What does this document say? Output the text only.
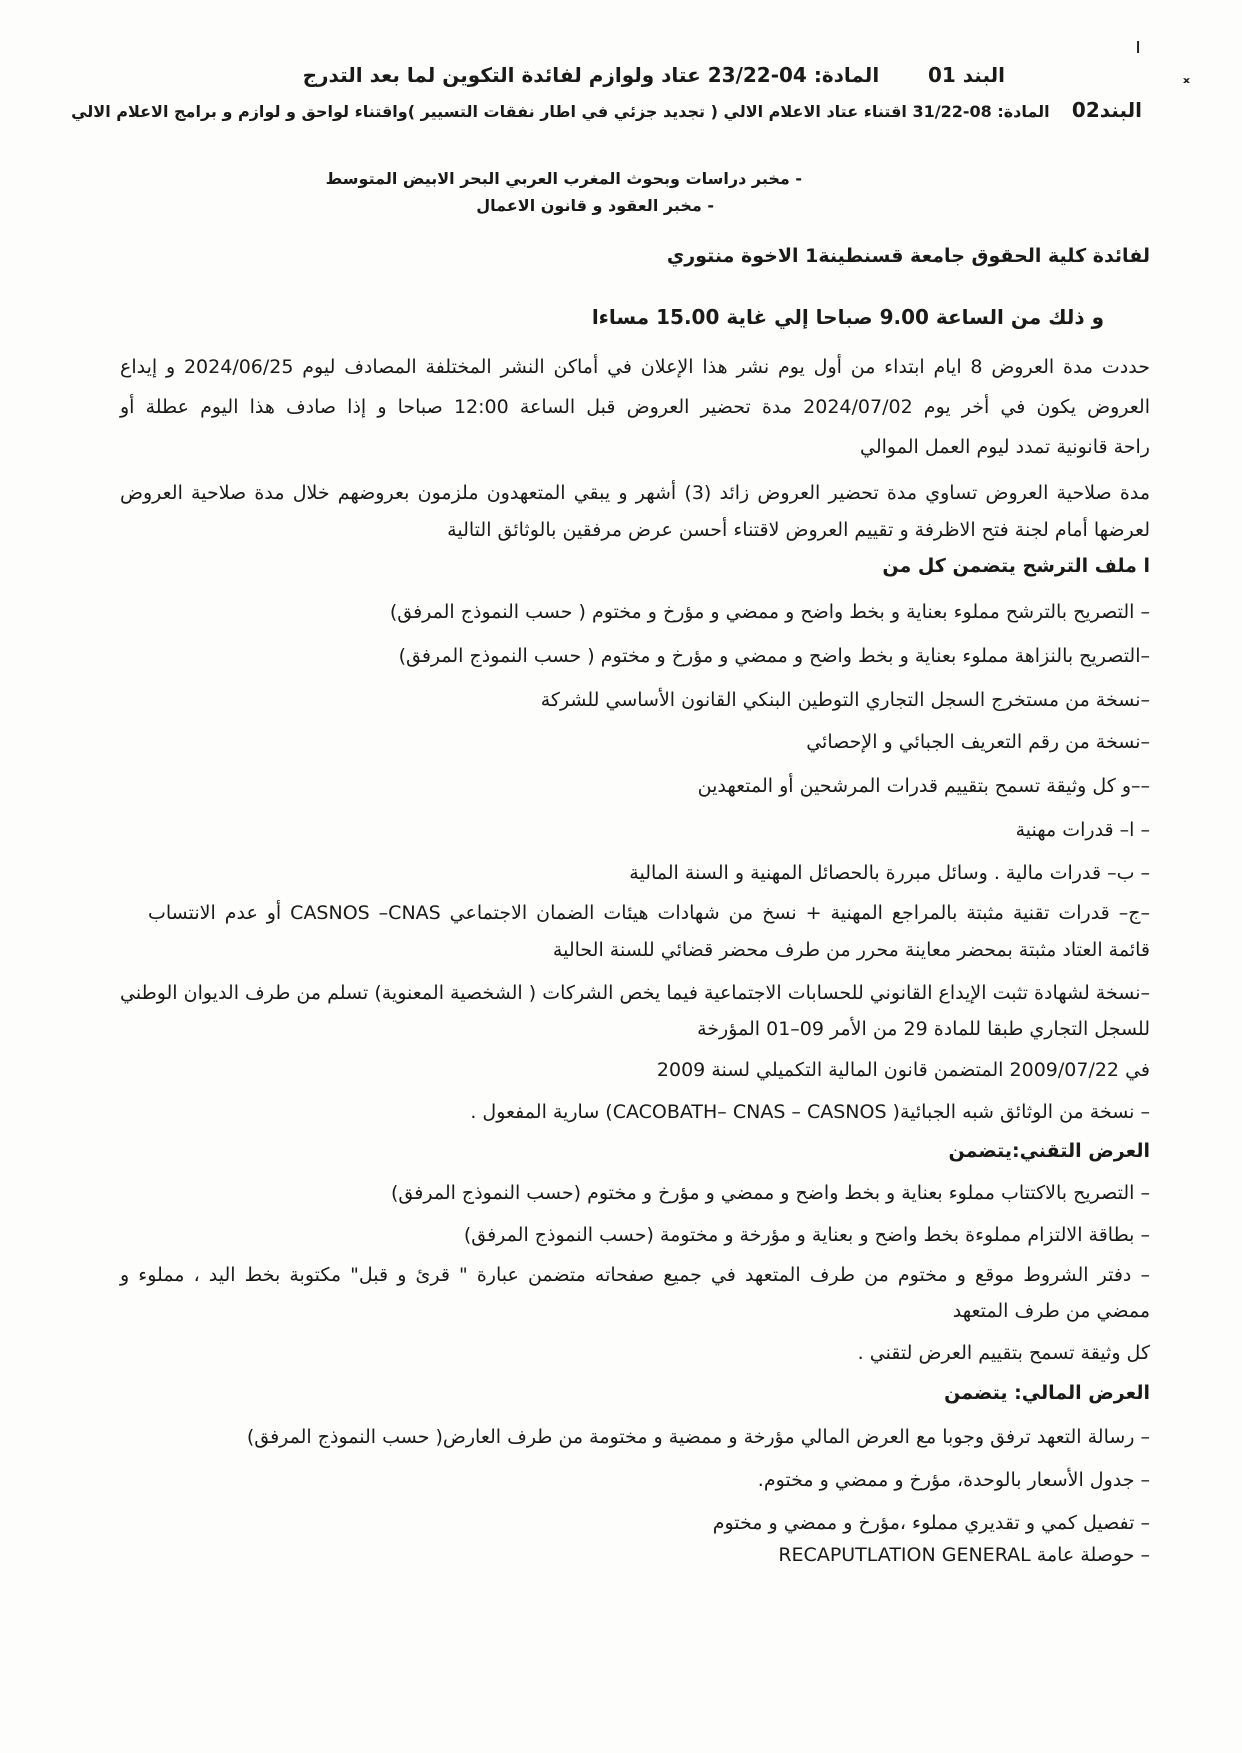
ı
˟
البند 01       المادة: 04-23/22 عتاد ولوازم لفائدة التكوين لما بعد التدرج
البند02    المادة: 08-31/22 اقتناء عتاد الاعلام الالي ( تجديد جزئي في اطار نفقات التسيير )واقتناء لواحق و لوازم و برامج الاعلام الالي
- مخبر دراسات وبحوث المغرب العربي البحر الابيض المتوسط
- مخبر العقود و قانون الاعمال
لفائدة كلية الحقوق جامعة قسنطينة1 الاخوة منتوري
و ذلك من الساعة 9.00 صباحا إلي غاية 15.00 مساءا
حددت مدة العروض 8 ايام ابتداء من أول يوم نشر هذا الإعلان في أماكن النشر المختلفة المصادف ليوم 2024/06/25 و إيداع
العروض يكون في أخر يوم 2024/07/02 مدة تحضير العروض قبل الساعة 12:00 صباحا و إذا صادف هذا اليوم عطلة أو
راحة قانونية تمدد ليوم العمل الموالي
مدة صلاحية العروض تساوي مدة تحضير العروض زائد (3) أشهر و يبقي المتعهدون ملزمون بعروضهم خلال مدة صلاحية العروض
لعرضها أمام لجنة فتح الاظرفة و تقييم العروض لاقتناء أحسن عرض مرفقين بالوثائق التالية
ا ملف الترشح يتضمن كل من
– التصريح بالترشح مملوء بعناية و بخط واضح و ممضي و مؤرخ و مختوم ( حسب النموذج المرفق)
–التصريح بالنزاهة مملوء بعناية و بخط واضح و ممضي و مؤرخ و مختوم ( حسب النموذج المرفق)
–نسخة من مستخرج السجل التجاري التوطين البنكي القانون الأساسي للشركة
–نسخة من رقم التعريف الجبائي و الإحصائي
––و كل وثيقة تسمح بتقييم قدرات المرشحين أو المتعهدين
– ا– قدرات مهنية
– ب– قدرات مالية . وسائل مبررة بالحصائل المهنية و السنة المالية
–ج– قدرات تقنية مثبتة بالمراجع المهنية + نسخ من شهادات هيئات الضمان الاجتماعي CASNOS –CNAS أو عدم الانتساب
قائمة العتاد مثبتة بمحضر معاينة محرر من طرف محضر قضائي للسنة الحالية
–نسخة لشهادة تثبت الإيداع القانوني للحسابات الاجتماعية فيما يخص الشركات ( الشخصية المعنوية) تسلم من طرف الديوان الوطني
للسجل التجاري طبقا للمادة 29 من الأمر 09–01 المؤرخة
في 2009/07/22 المتضمن قانون المالية التكميلي لسنة 2009
– نسخة من الوثائق شبه الجبائية( CACOBATH– CNAS – CASNOS) سارية المفعول .
العرض التقني:يتضمن
– التصريح بالاكتتاب مملوء بعناية و بخط واضح و ممضي و مؤرخ و مختوم (حسب النموذج المرفق)
– بطاقة الالتزام مملوءة بخط واضح و بعناية و مؤرخة و مختومة (حسب النموذج المرفق)
– دفتر الشروط موقع و مختوم من طرف المتعهد في جميع صفحاته متضمن عبارة " قرئ و قبل" مكتوبة بخط اليد ، مملوء و
ممضي من طرف المتعهد
كل وثيقة تسمح بتقييم العرض لتقني .
العرض المالي: يتضمن
– رسالة التعهد ترفق وجوبا مع العرض المالي مؤرخة و ممضية و مختومة من طرف العارض( حسب النموذج المرفق)
– جدول الأسعار بالوحدة، مؤرخ و ممضي و مختوم.
– تفصيل كمي و تقديري مملوء ،مؤرخ و ممضي و مختوم
– حوصلة عامة RECAPUTLATION GENERAL
